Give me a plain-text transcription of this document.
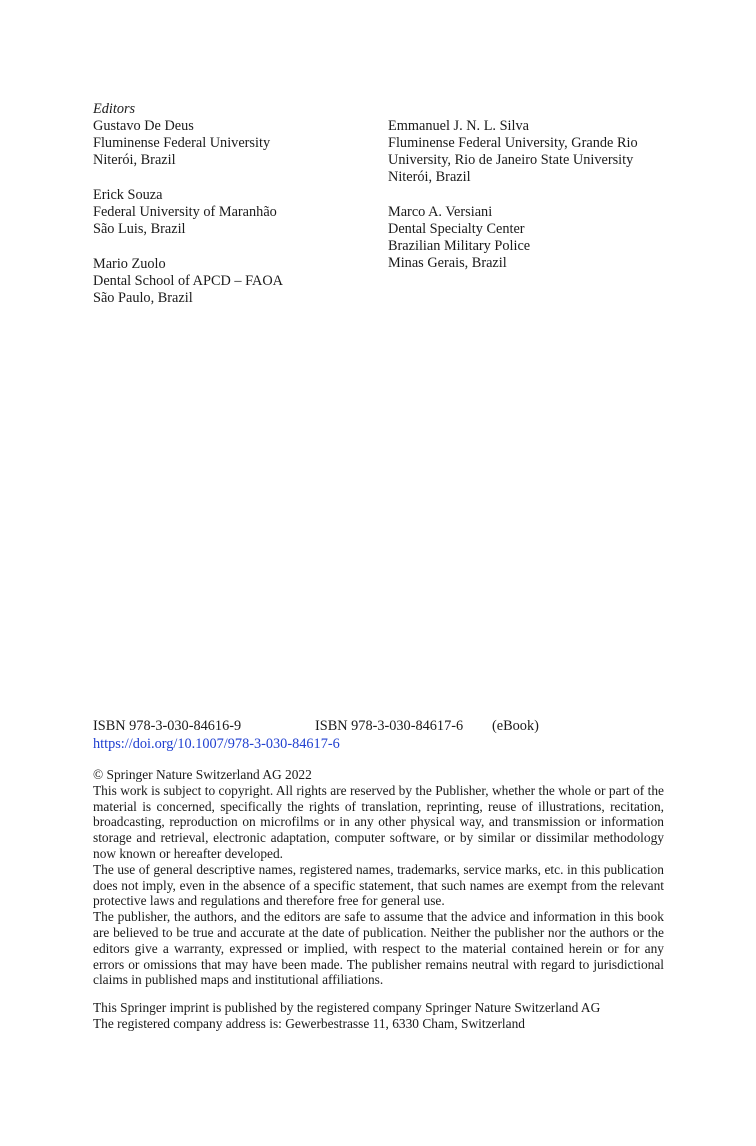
Editors
Gustavo De Deus
Fluminense Federal University
Niterói, Brazil
Erick Souza
Federal University of Maranhão
São Luis, Brazil
Mario Zuolo
Dental School of APCD – FAOA
São Paulo, Brazil
Emmanuel J. N. L. Silva
Fluminense Federal University, Grande Rio
University, Rio de Janeiro State University
Niterói, Brazil
Marco A. Versiani
Dental Specialty Center
Brazilian Military Police
Minas Gerais, Brazil
ISBN 978-3-030-84616-9	ISBN 978-3-030-84617-6 (eBook)
https://doi.org/10.1007/978-3-030-84617-6

© Springer Nature Switzerland AG 2022

This work is subject to copyright. All rights are reserved by the Publisher, whether the whole or part of the material is concerned, specifically the rights of translation, reprinting, reuse of illustrations, recitation, broadcasting, reproduction on microfilms or in any other physical way, and transmission or information storage and retrieval, electronic adaptation, computer software, or by similar or dissimilar methodology now known or hereafter developed.

The use of general descriptive names, registered names, trademarks, service marks, etc. in this publication does not imply, even in the absence of a specific statement, that such names are exempt from the relevant protective laws and regulations and therefore free for general use.

The publisher, the authors, and the editors are safe to assume that the advice and information in this book are believed to be true and accurate at the date of publication. Neither the publisher nor the authors or the editors give a warranty, expressed or implied, with respect to the material contained herein or for any errors or omissions that may have been made. The publisher remains neutral with regard to jurisdictional claims in published maps and institutional affiliations.

This Springer imprint is published by the registered company Springer Nature Switzerland AG

The registered company address is: Gewerbestrasse 11, 6330 Cham, Switzerland
